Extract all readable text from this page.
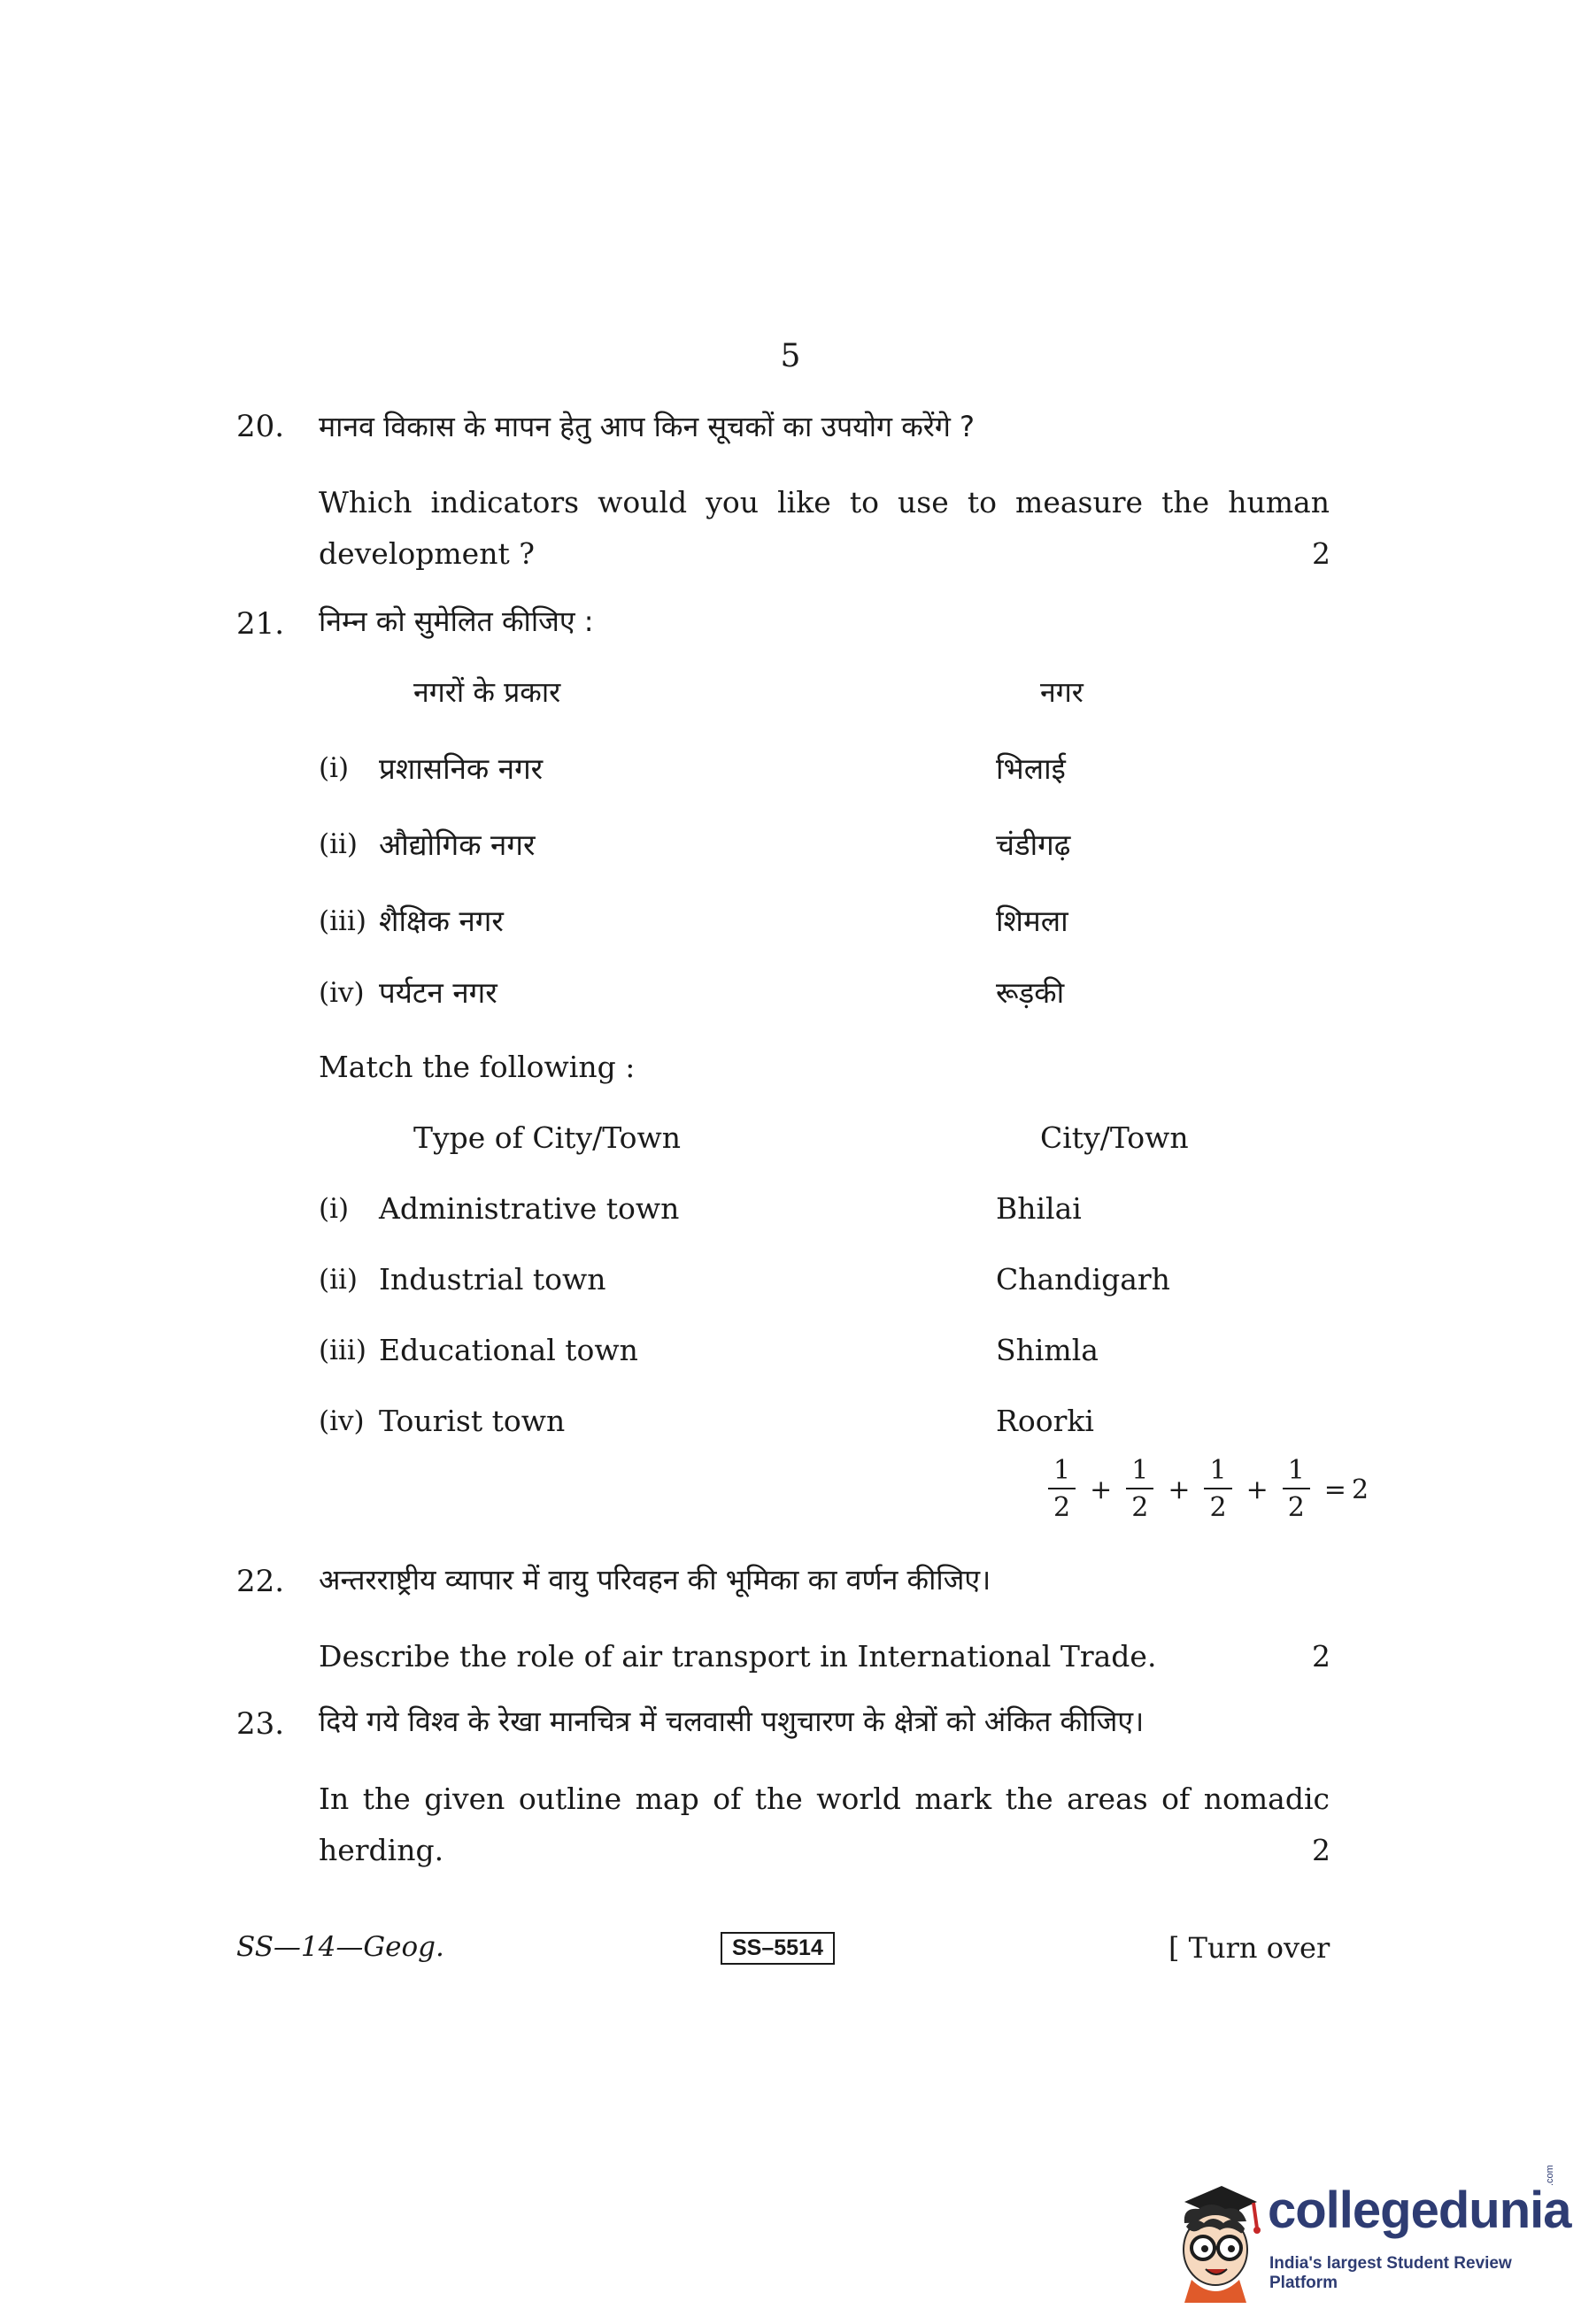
5
20. मानव विकास के मापन हेतु आप किन सूचकों का उपयोग करेंगे ?
Which indicators would you like to use to measure the human
development ?	2
21. निम्न को सुमेलित कीजिए :
नगरों के प्रकार	नगर
(i) प्रशासनिक नगर	भिलाई
(ii) औद्योगिक नगर	चंडीगढ़
(iii) शैक्षिक नगर	शिमला
(iv) पर्यटन नगर	रूड़की
Match the following :
Type of City/Town	City/Town
(i) Administrative town	Bhilai
(ii) Industrial town	Chandigarh
(iii) Educational town	Shimla
(iv) Tourist town	Roorki
$\frac{1}{2} + \frac{1}{2} + \frac{1}{2} + \frac{1}{2} = 2$
22. अन्तरराष्ट्रीय व्यापार में वायु परिवहन की भूमिका का वर्णन कीजिए।
Describe the role of air transport in International Trade.	2
23. दिये गये विश्व के रेखा मानचित्र में चलवासी पशुचारण के क्षेत्रों को अंकित कीजिए।
In the given outline map of the world mark the areas of nomadic
herding.	2
SS—14—Geog.	SS–5514	[ Turn over
collegedunia
.com
India's largest Student Review Platform
